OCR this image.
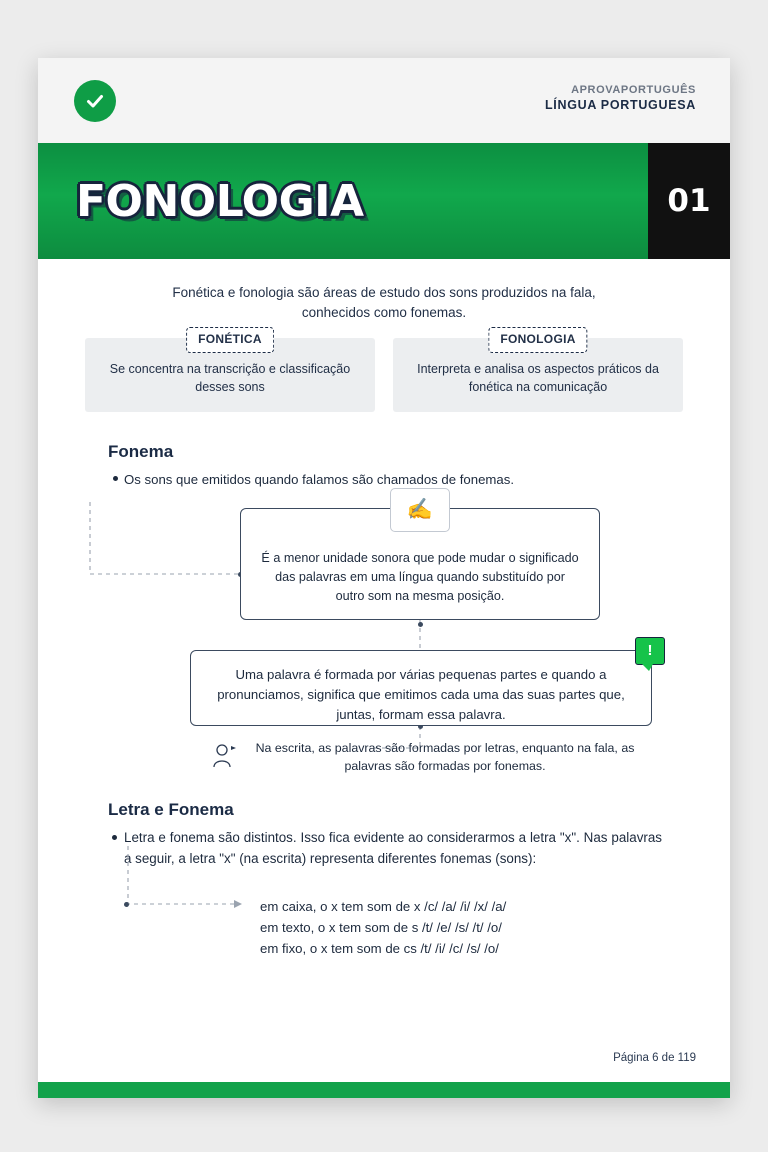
APROVAPORTUGUÊS
LÍNGUA PORTUGUESA
FONOLOGIA	01
Fonética e fonologia são áreas de estudo dos sons produzidos na fala, conhecidos como fonemas.
FONÉTICA
Se concentra na transcrição e classificação desses sons
FONOLOGIA
Interpreta e analisa os aspectos práticos da fonética na comunicação
Fonema
Os sons que emitidos quando falamos são chamados de fonemas.
✍
É a menor unidade sonora que pode mudar o significado das palavras em uma língua quando substituído por outro som na mesma posição.
!
Uma palavra é formada por várias pequenas partes e quando a pronunciamos, significa que emitimos cada uma das suas partes que, juntas, formam essa palavra.
Na escrita, as palavras são formadas por letras, enquanto na fala, as palavras são formadas por fonemas.
Letra e Fonema
Letra e fonema são distintos. Isso fica evidente ao considerarmos a letra "x". Nas palavras a seguir, a letra "x" (na escrita) representa diferentes fonemas (sons):
em caixa, o x tem som de x /c/ /a/ /i/ /x/ /a/
em texto, o x tem som de s /t/ /e/ /s/ /t/ /o/
em fixo, o x tem som de cs /t/ /i/ /c/ /s/ /o/
Página 6 de 119
